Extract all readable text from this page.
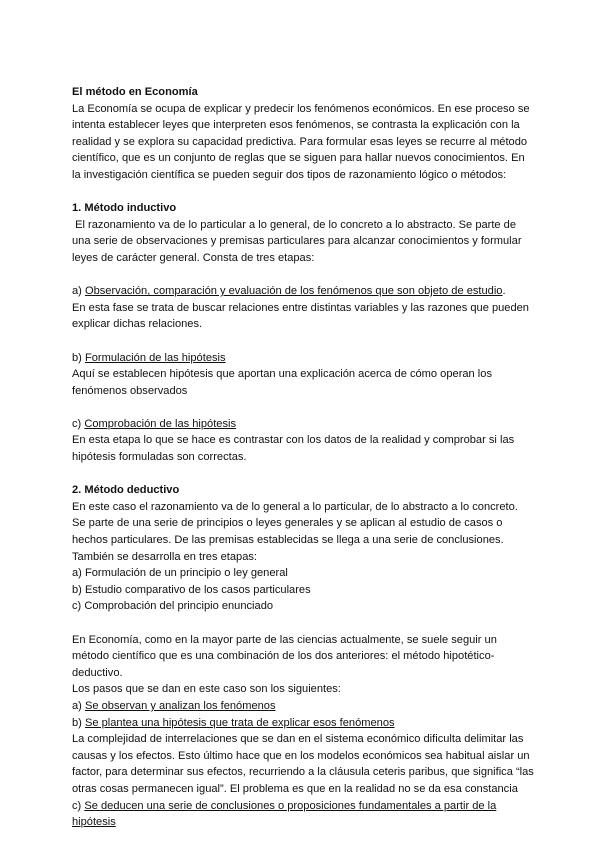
El método en Economía

La Economía se ocupa de explicar y predecir los fenómenos económicos. En ese proceso se intenta establecer leyes que interpreten esos fenómenos, se contrasta la explicación con la realidad y se explora su capacidad predictiva. Para formular esas leyes se recurre al método científico, que es un conjunto de reglas que se siguen para hallar nuevos conocimientos. En la investigación científica se pueden seguir dos tipos de razonamiento lógico o métodos:

1. Método inductivo

El razonamiento va de lo particular a lo general, de lo concreto a lo abstracto. Se parte de una serie de observaciones y premisas particulares para alcanzar conocimientos y formular leyes de carácter general. Consta de tres etapas:

a) Observación, comparación y evaluación de los fenómenos que son objeto de estudio.

En esta fase se trata de buscar relaciones entre distintas variables y las razones que pueden explicar dichas relaciones.

b) Formulación de las hipótesis

Aquí se establecen hipótesis que aportan una explicación acerca de cómo operan los fenómenos observados

c) Comprobación de las hipótesis

En esta etapa lo que se hace es contrastar con los datos de la realidad y comprobar si las hipótesis formuladas son correctas.

2. Método deductivo

En este caso el razonamiento va de lo general a lo particular, de lo abstracto a lo concreto. Se parte de una serie de principios o leyes generales y se aplican al estudio de casos o hechos particulares. De las premisas establecidas se llega a una serie de conclusiones. También se desarrolla en tres etapas:

a) Formulación de un principio o ley general

b) Estudio comparativo de los casos particulares

c) Comprobación del principio enunciado

En Economía, como en la mayor parte de las ciencias actualmente, se suele seguir un método científico que es una combinación de los dos anteriores: el método hipotético-deductivo.

Los pasos que se dan en este caso son los siguientes:

a) Se observan y analizan los fenómenos

b) Se plantea una hipótesis que trata de explicar esos fenómenos

La complejidad de interrelaciones que se dan en el sistema económico dificulta delimitar las causas y los efectos. Esto último hace que en los modelos económicos sea habitual aislar un factor, para determinar sus efectos, recurriendo a la cláusula ceteris paribus, que significa “las otras cosas permanecen igual”. El problema es que en la realidad no se da esa constancia

c) Se deducen una serie de conclusiones o proposiciones fundamentales a partir de la hipótesis
